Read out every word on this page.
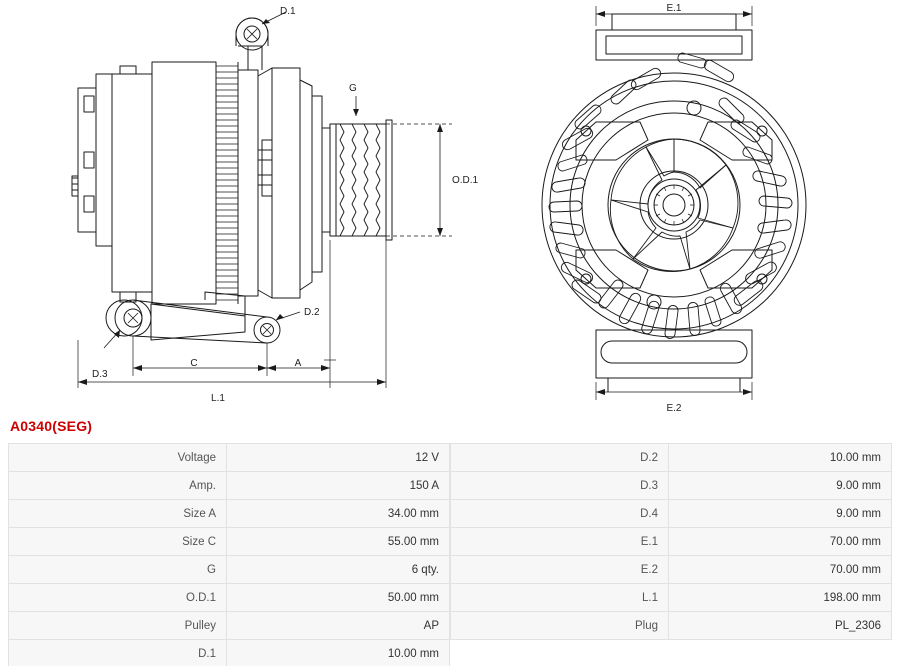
D.1
G
O.D.1
D.2
D.3
C	A
L.1
E.1
E.2
A0340(SEG)
Voltage	12 V
Amp.	150 A
Size A	34.00 mm
Size C	55.00 mm
G	6 qty.
O.D.1	50.00 mm
Pulley	AP
D.1	10.00 mm
D.2	10.00 mm
D.3	9.00 mm
D.4	9.00 mm
E.1	70.00 mm
E.2	70.00 mm
L.1	198.00 mm
Plug	PL_2306
